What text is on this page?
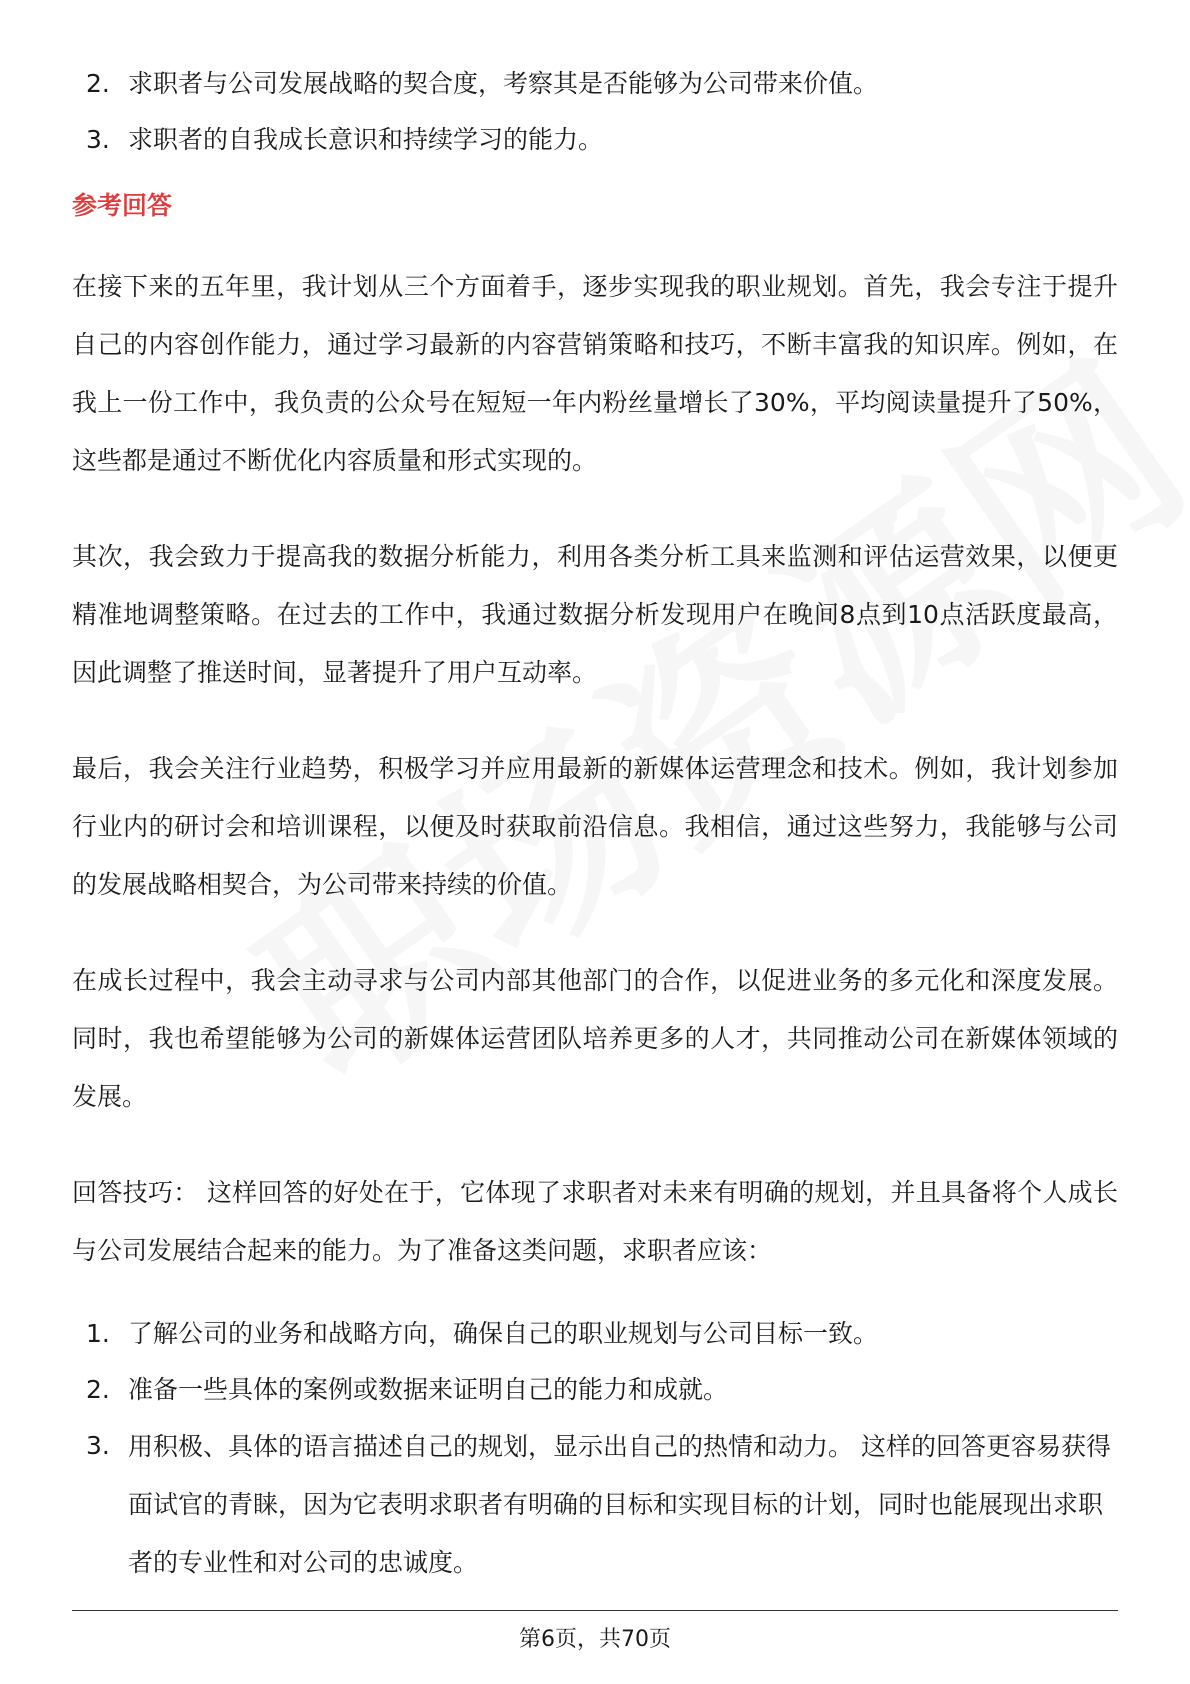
2. 求职者与公司发展战略的契合度，考察其是否能够为公司带来价值。
3. 求职者的自我成长意识和持续学习的能力。
参考回答

在接下来的五年里，我计划从三个方面着手，逐步实现我的职业规划。首先，我会专注于提升自己的内容创作能力，通过学习最新的内容营销策略和技巧，不断丰富我的知识库。例如，在我上一份工作中，我负责的公众号在短短一年内粉丝量增长了30%，平均阅读量提升了50%，这些都是通过不断优化内容质量和形式实现的。

其次，我会致力于提高我的数据分析能力，利用各类分析工具来监测和评估运营效果，以便更精准地调整策略。在过去的工作中，我通过数据分析发现用户在晚间8点到10点活跃度最高，因此调整了推送时间，显著提升了用户互动率。

最后，我会关注行业趋势，积极学习并应用最新的新媒体运营理念和技术。例如，我计划参加行业内的研讨会和培训课程，以便及时获取前沿信息。我相信，通过这些努力，我能够与公司的发展战略相契合，为公司带来持续的价值。

在成长过程中，我会主动寻求与公司内部其他部门的合作，以促进业务的多元化和深度发展。同时，我也希望能够为公司的新媒体运营团队培养更多的人才，共同推动公司在新媒体领域的发展。

回答技巧： 这样回答的好处在于，它体现了求职者对未来有明确的规划，并且具备将个人成长与公司发展结合起来的能力。为了准备这类问题，求职者应该：

1. 了解公司的业务和战略方向，确保自己的职业规划与公司目标一致。
2. 准备一些具体的案例或数据来证明自己的能力和成就。
3. 用积极、具体的语言描述自己的规划，显示出自己的热情和动力。 这样的回答更容易获得面试官的青睐，因为它表明求职者有明确的目标和实现目标的计划，同时也能展现出求职者的专业性和对公司的忠诚度。
第6页，共70页
